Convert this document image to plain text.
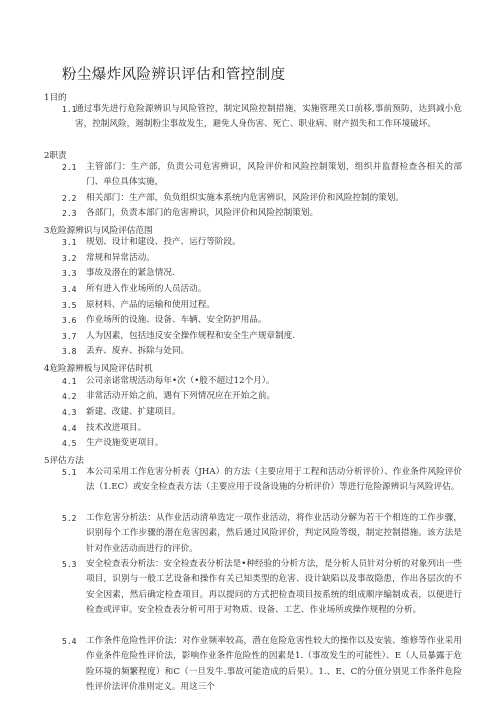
粉尘爆炸风险辨识评估和管控制度
1目的
1.1
通过事先进行危险源辨识与风险管控，制定风险控制措施，实施管理关口前移,事前预防，达到减小危害，控制风险，遏制粉尘事故发生，避免人身伤害、死亡、职业病、财产损失和工作环境破坏。
2职责
2.1	主管部门：生产部，负责公司危害辨识，风险评价和风险控制策划，组织并监督检查各相关的部门、单位具体实施，
2.2	相关部门：生产部，负负组织实施本系统内危害辨识，风险评价和风险控制的策划。
2.3	各部门，负责本部门的危害辨识，风险评价和风险控制策划。
3危险源辨识与风险评估范围
3.1	规划、设计和建设、投产、运行等阶段。
3.2	常规和异常活动。
3.3	事故及潜在的紧急情况.
3.4	所有进入作业场所的人员活动。
3.5	原材料、产品的运输和使用过程。
3.6	作业场所的设施、设备、车辆、安全防护用品。
3.7	人为因素，包括违反安全操作规程和安全生产规章制度.
3.8	丢弃、废弃、拆除与处同。
4危险源辨板与风险评估时机
4.1	公司亲诺常规活动每年•次（•般不超过12个月）。
4.2	非常活动开始之前，遇有下列情况应在开始之前。
4.3	新建、改建、扩建项目。
4.4	技术改进项目。
4.5	生产设施变更项目。
5评估方法
5.1	本公司采用工作危害分析表（JHA）的方法（主要应用于工程和活动分析评价）、作业条件风险评价法（1.EC）或安全检查表方法（主要应用于设备设施的分析评价）等进行危险源辨识与风险评估。
5.2	工作危害分析法：从作业活动清单选定一项作业活动，将作业活动分解为若干个相连的工作步骤，识别每个工作步骤的潜在危害因素，然后通过风险评价，判定风险等级，制定控制措施。该方法是针对作业活动而进行的评价。
5.3	安全检查表分析法：安全检查表分析法是•种经验的分析方法，是分析人员针对分析的对象列出一些项目，识别与一般工艺设备和操作有关已知类型的危害、设计缺陷以及事故隐患，作出各层次的不安全因素，然后确定检查项目。再以提问的方式把检查项目按系统的组成顺序编制成表，以便进行检查或评审。安全检查表分析可用于对物质、设备、工艺、作业场所或操作规程的分析。
5.4	工作条件危险性评价法：对作业频率较高，潜在危险危害性较大的操作以及安装、维修等作业采用作业条件危险性评价法，影响作业条件危险性的因素是1.（事故发生的可能性）、E（人员暴露于危险环境的频繁程度）和C（一旦发牛.事故可能造成的后果）。1.、E、C的分值分别见工作条件危险性评价法评价准则定义。用这三个
